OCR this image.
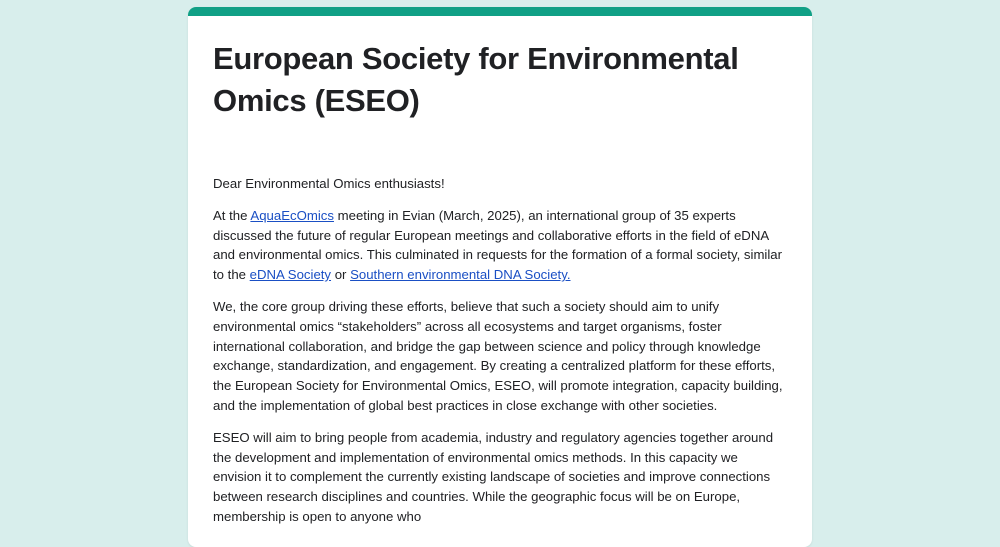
European Society for Environmental Omics (ESEO)

Dear Environmental Omics enthusiasts!

At the AquaEcOmics meeting in Evian (March, 2025), an international group of 35 experts discussed the future of regular European meetings and collaborative efforts in the field of eDNA and environmental omics. This culminated in requests for the formation of a formal society, similar to the eDNA Society or Southern environmental DNA Society.

We, the core group driving these efforts, believe that such a society should aim to unify environmental omics “stakeholders” across all ecosystems and target organisms, foster international collaboration, and bridge the gap between science and policy through knowledge exchange, standardization, and engagement. By creating a centralized platform for these efforts, the European Society for Environmental Omics, ESEO, will promote integration, capacity building, and the implementation of global best practices in close exchange with other societies.

ESEO will aim to bring people from academia, industry and regulatory agencies together around the development and implementation of environmental omics methods. In this capacity we envision it to complement the currently existing landscape of societies and improve connections between research disciplines and countries. While the geographic focus will be on Europe, membership is open to anyone who
